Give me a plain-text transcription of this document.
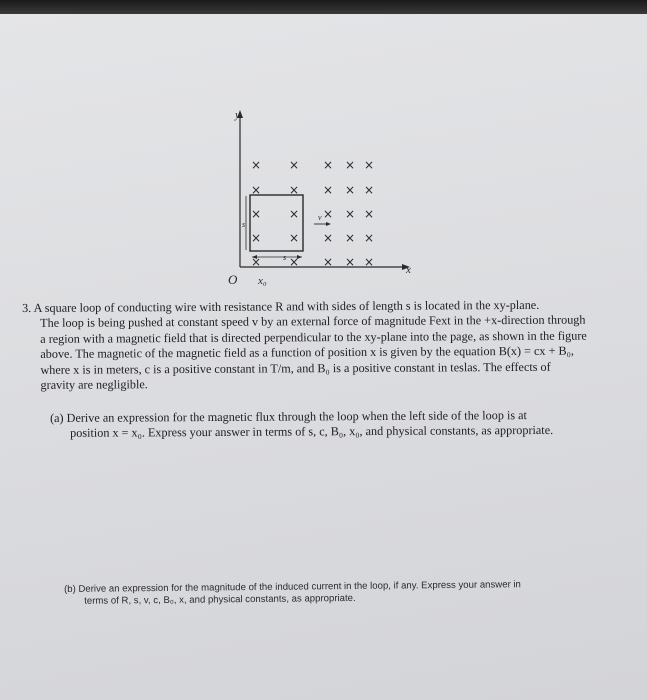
y
x
O x₀
s
s
v
× × × × ×
× × × × ×
× × × × ×
× × × × ×
× × × × ×

3. A square loop of conducting wire with resistance R and with sides of length s is located in the xy-plane.

The loop is being pushed at constant speed v by an external force of magnitude Fext in the +x-direction through

a region with a magnetic field that is directed perpendicular to the xy-plane into the page, as shown in the figure

above. The magnetic of the magnetic field as a function of position x is given by the equation B(x) = cx + B₀,

where x is in meters, c is a positive constant in T/m, and B₀ is a positive constant in teslas. The effects of

gravity are negligible.

(a) Derive an expression for the magnetic flux through the loop when the left side of the loop is at

position x = x₀. Express your answer in terms of s, c, B₀, x₀, and physical constants, as appropriate.

(b) Derive an expression for the magnitude of the induced current in the loop, if any. Express your answer in

terms of R, s, v, c, B₀, x, and physical constants, as appropriate.
